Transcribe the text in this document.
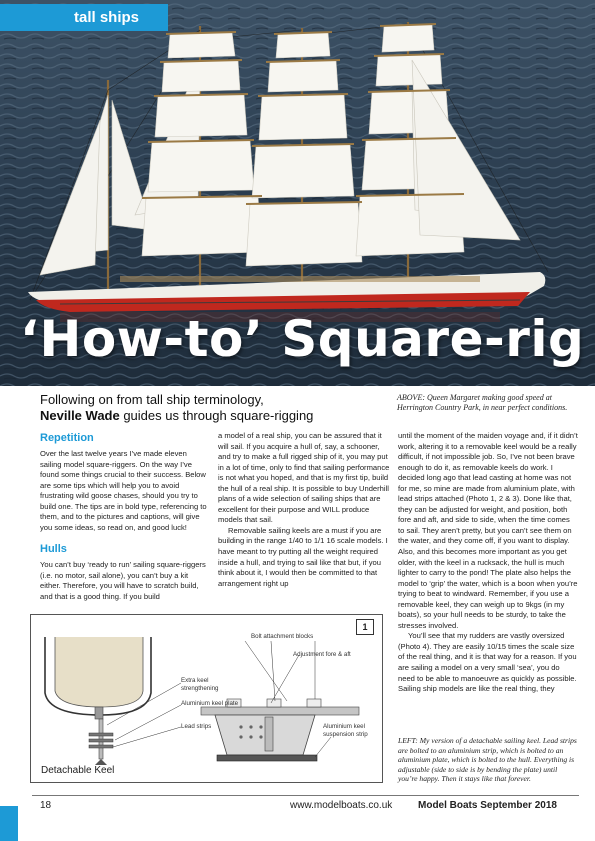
tall ships
‘How-to’ Square-rig
Following on from tall ship terminology,
Neville Wade guides us through square-rigging
ABOVE: Queen Margaret making good speed at Herrington Country Park, in near perfect conditions.
Repetition

Over the last twelve years I’ve made eleven sailing model square-riggers. On the way I’ve found some things crucial to their success. Below are some tips which will help you to avoid frustrating wild goose chases, should you try to build one. The tips are in bold type, referencing to them, and to the pictures and captions, will give you some ideas, so read on, and good luck!

Hulls

You can’t buy ‘ready to run’ sailing square-riggers (i.e. no motor, sail alone), you can’t buy a kit either. Therefore, you will have to scratch build, and that is a good thing. If you build

a model of a real ship, you can be assured that it will sail. If you acquire a hull of, say, a schooner, and try to make a full rigged ship of it, you may put in a lot of time, only to find that sailing performance is not what you hoped, and that is my first tip, build the hull of a real ship. It is possible to buy Underhill plans of a wide selection of sailing ships that are excellent for their purpose and WILL produce models that sail.

Removable sailing keels are a must if you are building in the range 1/40 to 1/1 16 scale models. I have meant to try putting all the weight required inside a hull, and trying to sail like that but, if you think about it, I would then be committed to that arrangement right up

until the moment of the maiden voyage and, if it didn’t work, altering it to a removable keel would be a really difficult, if not impossible job. So, I’ve not been brave enough to do it, as removable keels do work. I decided long ago that lead casting at home was not for me, so mine are made from aluminium plate, with lead strips attached (Photo 1, 2 & 3). Done like that, they can be adjusted for weight, and position, both fore and aft, and side to side, when the time comes to sail. They aren’t pretty, but you can’t see them on the water, and they come off, if you want to display. Also, and this becomes more important as you get older, with the keel in a rucksack, the hull is much lighter to carry to the pond! The plate also helps the model to ‘grip’ the water, which is a boon when you’re trying to beat to windward. Remember, if you use a removable keel, they can weigh up to 9kgs (in my boats), so your hull needs to be sturdy, to take the stresses involved.

You’ll see that my rudders are vastly oversized (Photo 4). They are easily 10/15 times the scale size of the real thing, and it is that way for a reason. If you are sailing a model on a very small ‘sea’, you do need to be able to manoeuvre as quickly as possible. Sailing ship models are like the real thing, they

1
Bolt attachment blocks
Adjustment fore & aft
Extra keel strengthening
Aluminium keel plate
Lead strips	Aluminium keel suspension strip
Detachable Keel
LEFT: My version of a detachable sailing keel. Lead strips are bolted to an aluminium strip, which is bolted to an aluminium plate, which is bolted to the hull. Everything is adjustable (side to side is by bending the plate) until you’re happy. Then it stays like that forever.
18	www.modelboats.co.uk	Model Boats September 2018
